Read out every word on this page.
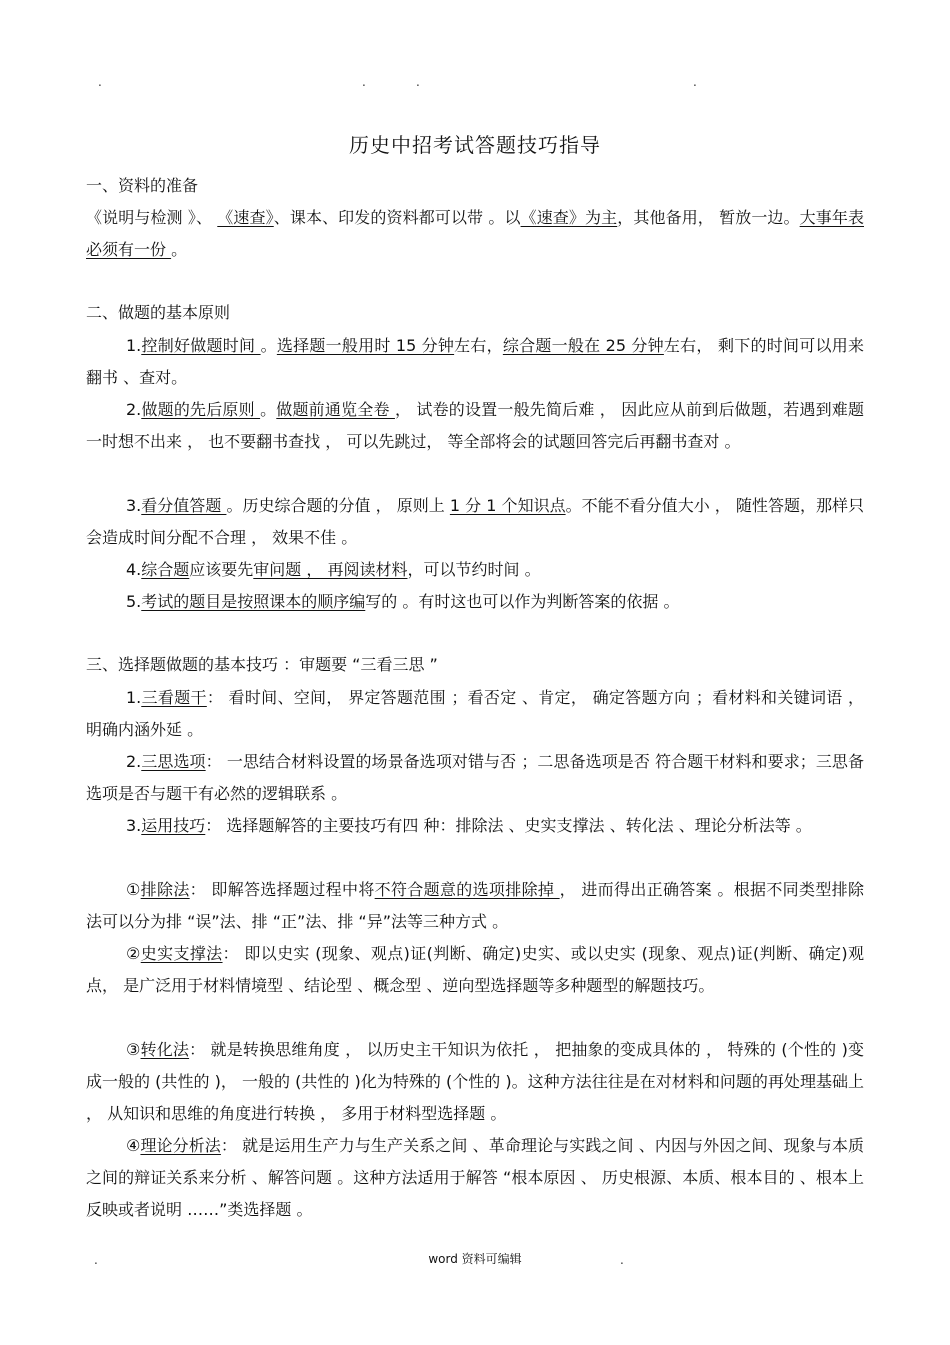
.	.	.	.
历史中招考试答题技巧指导
一、资料的准备
《说明与检测 》、 《速查》、课本、印发的资料都可以带 。以《速查》为主，其他备用， 暂放一边。大事年表必须有一份 。
二、做题的基本原则
1.控制好做题时间 。选择题一般用时 15 分钟左右，综合题一般在 25 分钟左右， 剩下的时间可以用来翻书 、查对。
2.做题的先后原则 。做题前通览全卷 ， 试卷的设置一般先简后难 ， 因此应从前到后做题，若遇到难题一时想不出来 ， 也不要翻书查找 ， 可以先跳过， 等全部将会的试题回答完后再翻书查对 。
3.看分值答题 。历史综合题的分值 ， 原则上 1 分 1 个知识点。不能不看分值大小 ， 随性答题，那样只会造成时间分配不合理 ， 效果不佳 。
4.综合题应该要先审问题 ， 再阅读材料，可以节约时间 。
5.考试的题目是按照课本的顺序编写的 。有时这也可以作为判断答案的依据 。
三、选择题做题的基本技巧 ：审题要 “三看三思 ”
1.三看题干： 看时间、空间， 界定答题范围 ；看否定 、肯定， 确定答题方向 ；看材料和关键词语 ， 明确内涵外延 。
2.三思选项： 一思结合材料设置的场景备选项对错与否 ；二思备选项是否 符合题干材料和要求；三思备选项是否与题干有必然的逻辑联系 。
3.运用技巧： 选择题解答的主要技巧有四 种：排除法 、史实支撑法 、转化法 、理论分析法等 。
①排除法： 即解答选择题过程中将不符合题意的选项排除掉 ， 进而得出正确答案 。根据不同类型排除法可以分为排 “误”法、排 “正”法、排 “异”法等三种方式 。
②史实支撑法： 即以史实 (现象、观点)证(判断、确定)史实、或以史实 (现象、观点)证(判断、确定)观点， 是广泛用于材料情境型 、结论型 、概念型 、逆向型选择题等多种题型的解题技巧。
③转化法： 就是转换思维角度 ， 以历史主干知识为依托 ， 把抽象的变成具体的 ， 特殊的 (个性的 )变 成一般的 (共性的 )， 一般的 (共性的 )化为特殊的 (个性的 )。这种方法往往是在对材料和问题的再处理基础上 ， 从知识和思维的角度进行转换 ， 多用于材料型选择题 。
④理论分析法： 就是运用生产力与生产关系之间 、革命理论与实践之间 、内因与外因之间、现象与本质之间的辩证关系来分析 、解答问题 。这种方法适用于解答 “根本原因 、 历史根源、本质、根本目的 、根本上反映或者说明 ……”类选择题 。
.	word 资料可编辑	.
